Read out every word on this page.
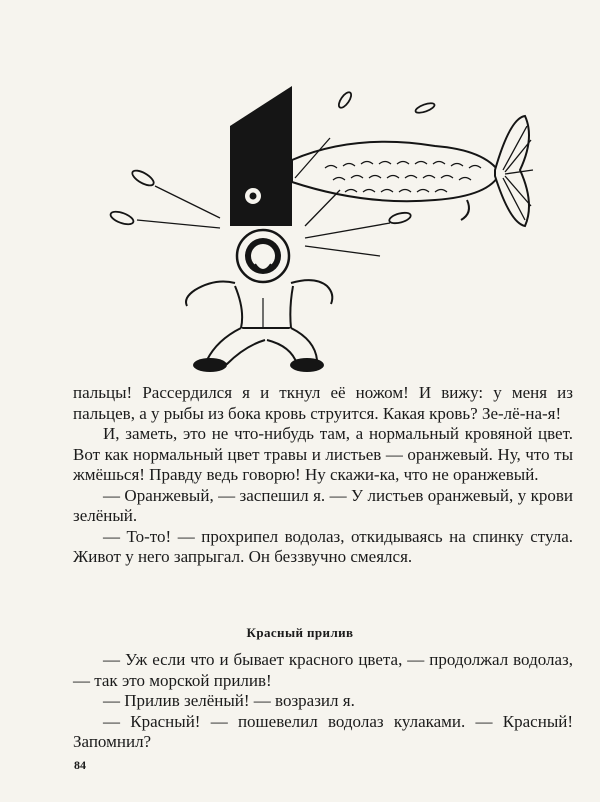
пальцы! Рассердился я и ткнул её ножом! И вижу: у меня из пальцев, а у рыбы из бока кровь струится. Какая кровь? Зе-лё-на-я!

И, заметь, это не что-нибудь там, а нормальный кровяной цвет. Вот как нормальный цвет травы и листьев — оранжевый. Ну, что ты жмёшься! Правду ведь говорю! Ну скажи-ка, что не оранжевый.

— Оранжевый, — заспешил я. — У листьев оранжевый, у крови зелёный.

— То-то! — прохрипел водолаз, откидываясь на спинку стула. Живот у него запрыгал. Он беззвучно смеялся.

Красный прилив

— Уж если что и бывает красного цвета, — продолжал водолаз, — так это морской прилив!

— Прилив зелёный! — возразил я.

— Красный! — пошевелил водолаз кулаками. — Красный! Запомнил?

84
